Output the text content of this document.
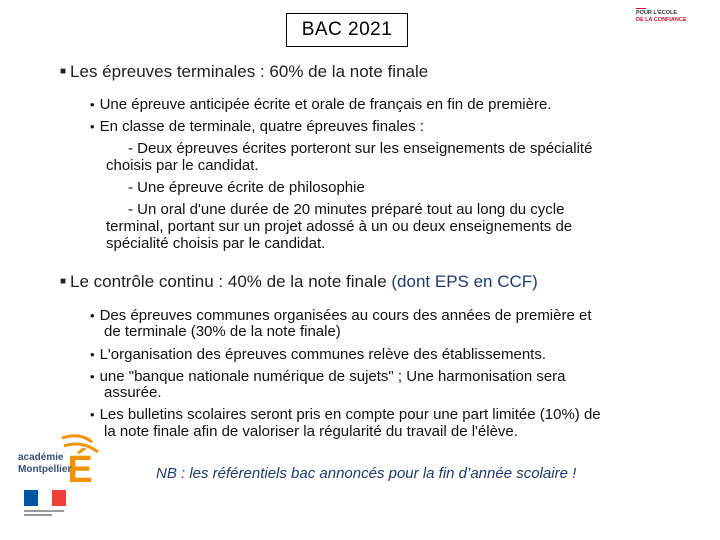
BAC 2021
POUR L'ÉCOLE
DE LA CONFIANCE
■ Les épreuves terminales : 60% de la note finale
• Une épreuve anticipée écrite et orale de français en fin de première.
• En classe de terminale, quatre épreuves finales :
- Deux épreuves écrites porteront sur les enseignements de spécialité
choisis par le candidat.
- Une épreuve écrite de philosophie
- Un oral d'une durée de 20 minutes préparé tout au long du cycle
terminal, portant sur un projet adossé à un ou deux enseignements de
spécialité choisis par le candidat.
■ Le contrôle continu : 40% de la note finale (dont EPS en CCF)
• Des épreuves communes organisées au cours des années de première et
de terminale (30% de la note finale)
• L'organisation des épreuves communes relève des établissements.
• une "banque nationale numérique de sujets" ; Une harmonisation sera
assurée.
• Les bulletins scolaires seront pris en compte pour une part limitée (10%) de
la note finale afin de valoriser la régularité du travail de l'élève.
É
académie
Montpellier	NB : les référentiels bac annoncés pour la fin d’année scolaire !
